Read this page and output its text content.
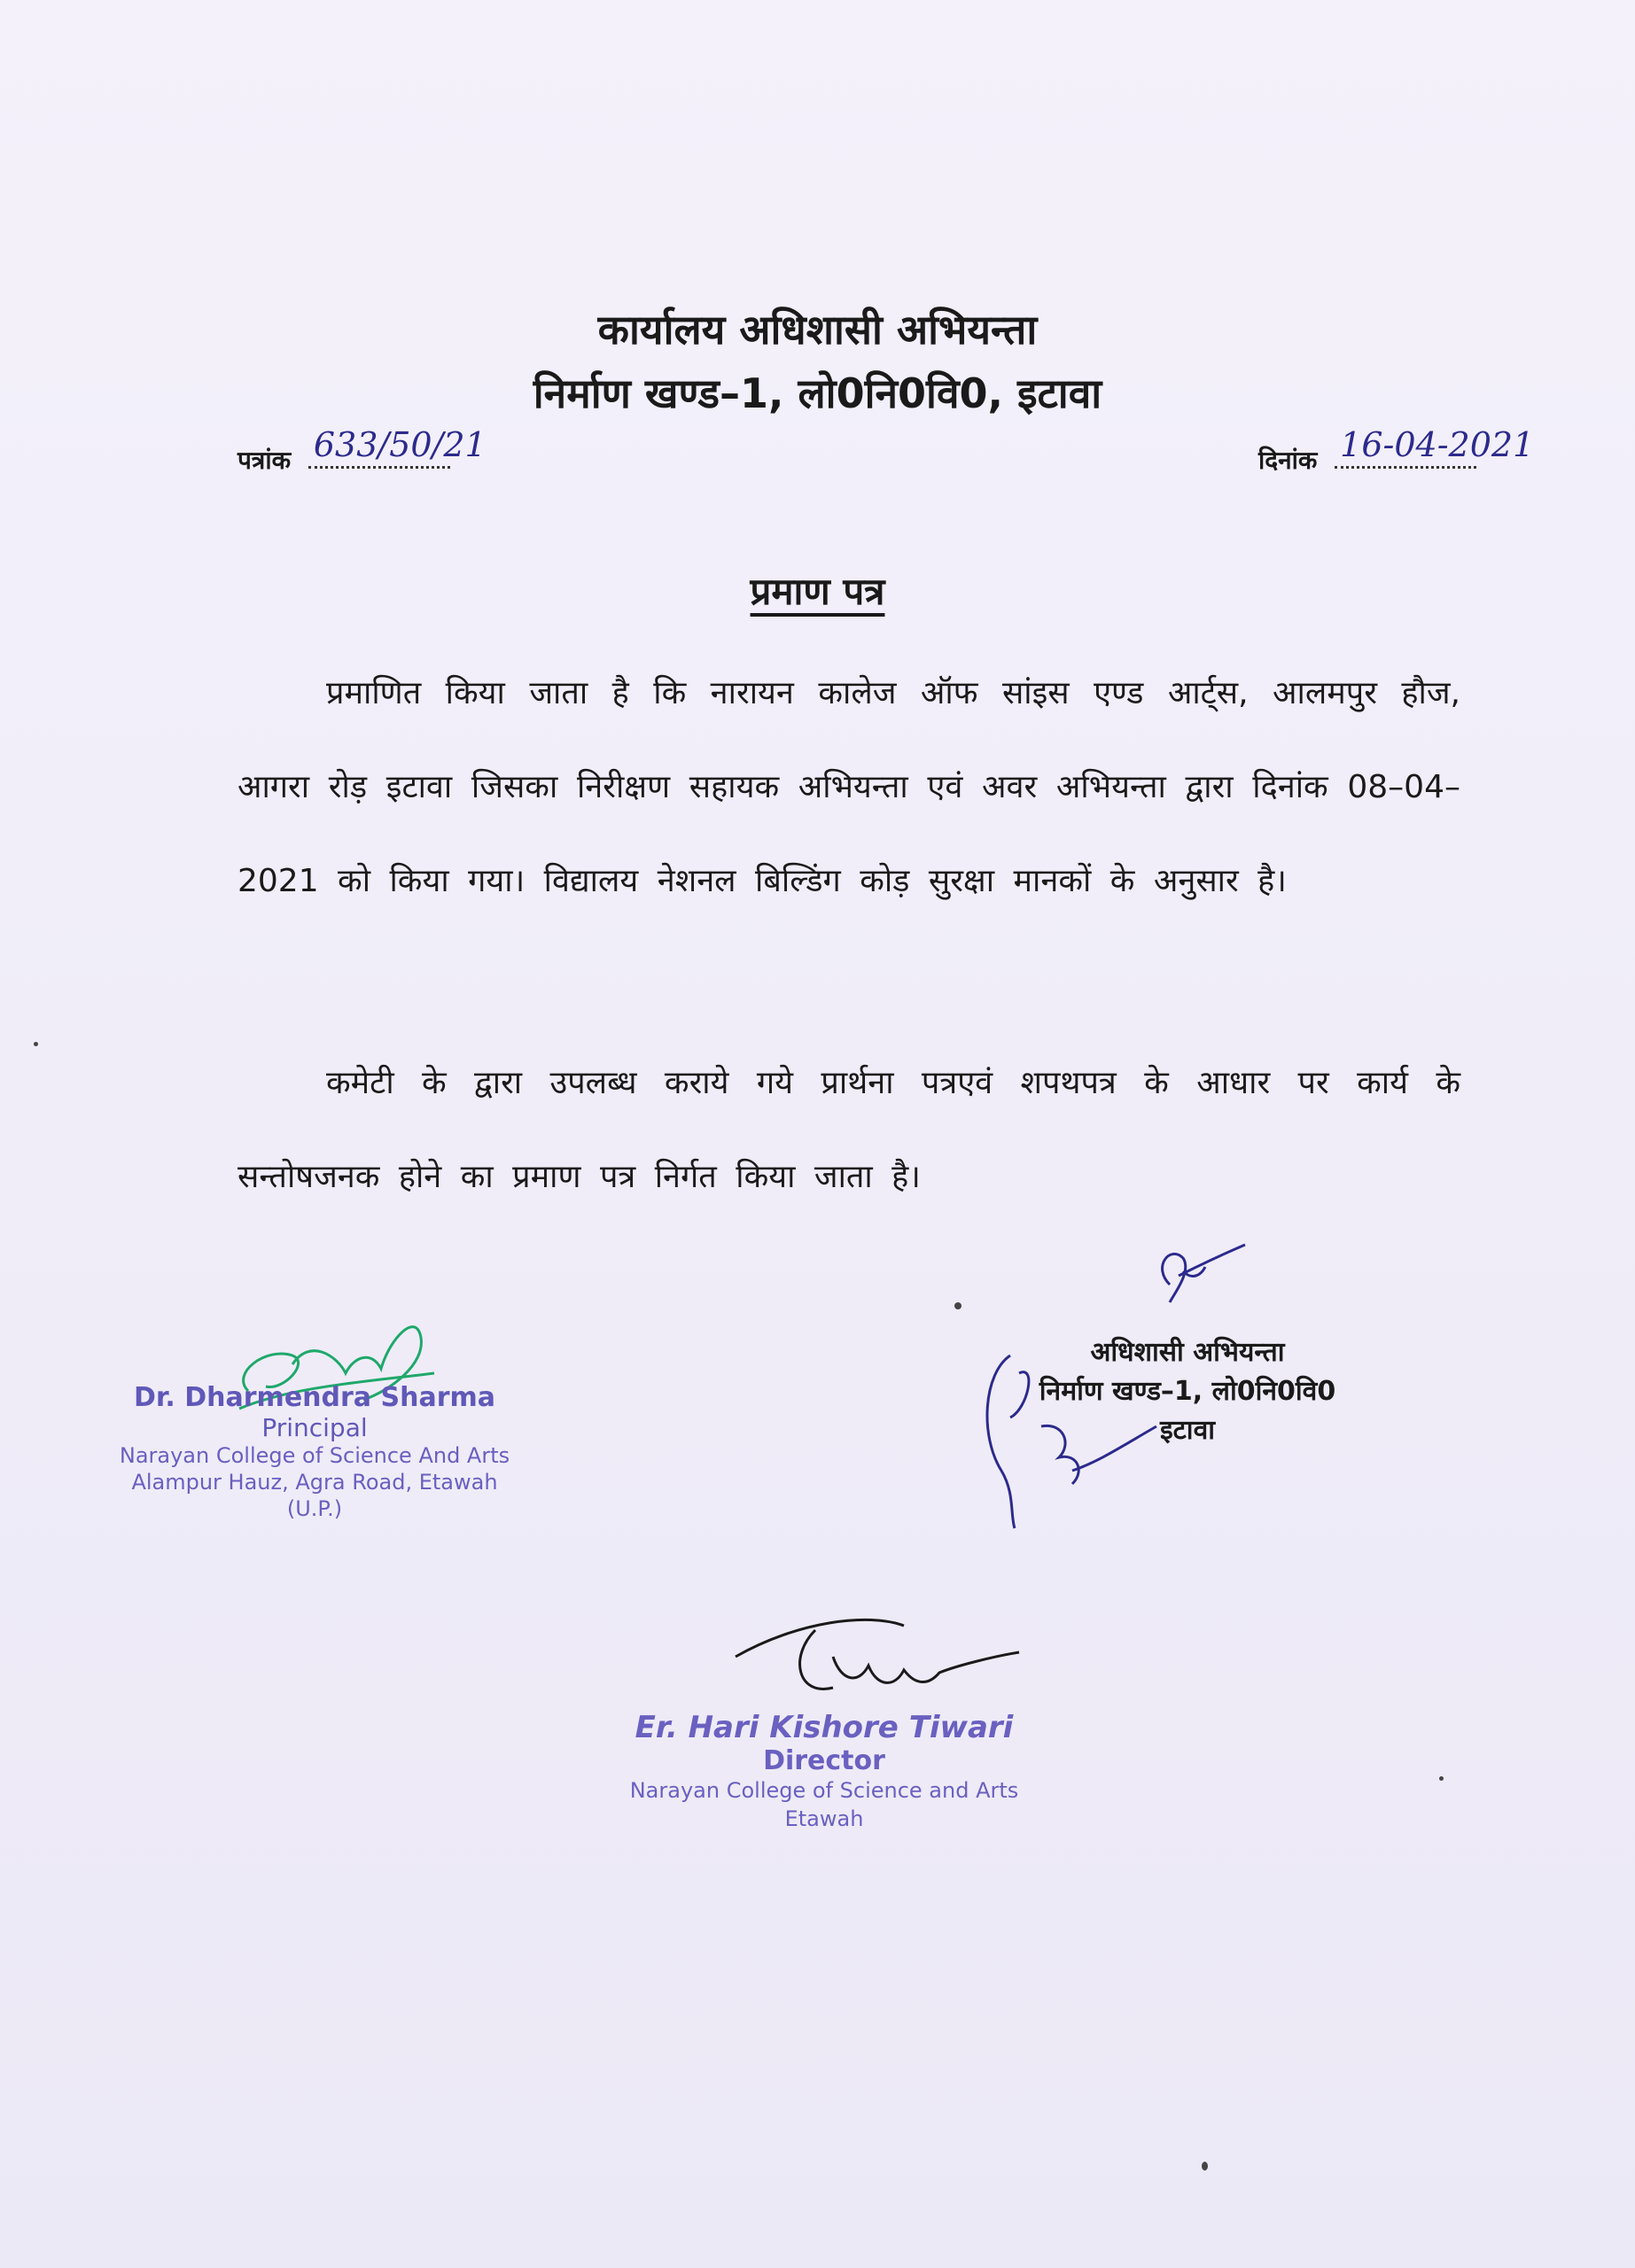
कार्यालय अधिशासी अभियन्ता
निर्माण खण्ड–1, लो0नि0वि0, इटावा
पत्रांक 633/50/21	दिनांक 16-04-2021
प्रमाण पत्र
प्रमाणित किया जाता है कि नारायन कालेज ऑफ सांइस एण्ड आर्ट्स, आलमपुर हौज, आगरा रोड़ इटावा जिसका निरीक्षण सहायक अभियन्ता एवं अवर अभियन्ता द्वारा दिनांक 08–04–2021 को किया गया। विद्यालय नेशनल बिल्डिंग कोड़ सुरक्षा मानकों के अनुसार है।
कमेटी के द्वारा उपलब्ध कराये गये प्रार्थना पत्रएवं शपथपत्र के आधार पर कार्य के सन्तोषजनक होने का प्रमाण पत्र निर्गत किया जाता है।
Dr. Dharmendra Sharma
Principal
Narayan College of Science And Arts
Alampur Hauz, Agra Road, Etawah (U.P.)
अधिशासी अभियन्ता
निर्माण खण्ड–1, लो0नि0वि0
इटावा
Er. Hari Kishore Tiwari
Director
Narayan College of Science and Arts
Etawah
